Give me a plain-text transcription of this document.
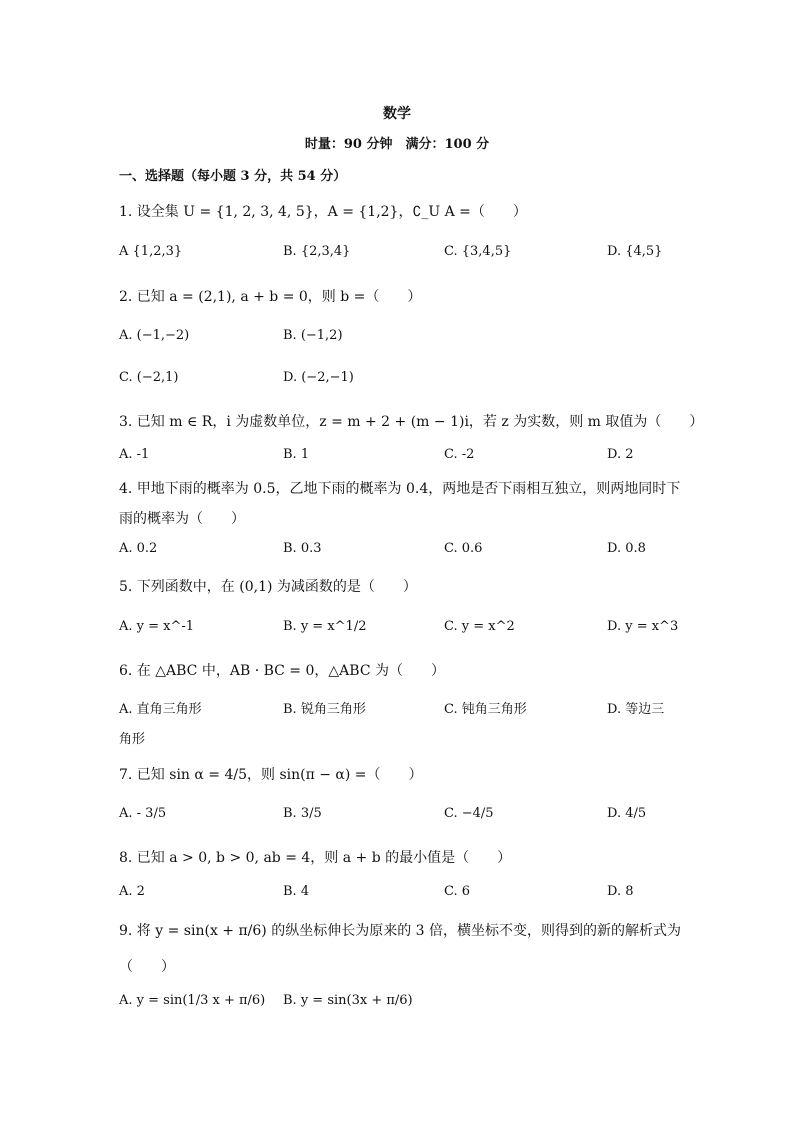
数学
时量：90 分钟　满分：100 分
一、选择题（每小题 3 分，共 54 分）
1. 设全集 U = {1, 2, 3, 4, 5}，A = {1,2}，∁_U A =（　　）
A {1,2,3}	B. {2,3,4}	C. {3,4,5}	D. {4,5}
2. 已知 a = (2,1), a + b = 0，则 b =（　　）
A. (−1,−2)	B. (−1,2)
C. (−2,1)	D. (−2,−1)
3. 已知 m ∈ R，i 为虚数单位，z = m + 2 + (m − 1)i，若 z 为实数，则 m 取值为（　　）
A. -1	B. 1	C. -2	D. 2
4. 甲地下雨的概率为 0.5，乙地下雨的概率为 0.4，两地是否下雨相互独立，则两地同时下
雨的概率为（　　）
A. 0.2	B. 0.3	C. 0.6	D. 0.8
5. 下列函数中，在 (0,1) 为减函数的是（　　）
A. y = x^-1	B. y = x^1/2	C. y = x^2	D. y = x^3
6. 在 △ABC 中，AB · BC = 0，△ABC 为（　　）
A. 直角三角形	B. 锐角三角形	C. 钝角三角形	D. 等边三
角形
7. 已知 sin α = 4/5，则 sin(π − α) =（　　）
A. - 3/5	B. 3/5	C. −4/5	D. 4/5
8. 已知 a > 0, b > 0, ab = 4，则 a + b 的最小值是（　　）
A. 2	B. 4	C. 6	D. 8
9. 将 y = sin(x + π/6) 的纵坐标伸长为原来的 3 倍，横坐标不变，则得到的新的解析式为
（　　）
A. y = sin(1/3 x + π/6) B. y = sin(3x + π/6)
